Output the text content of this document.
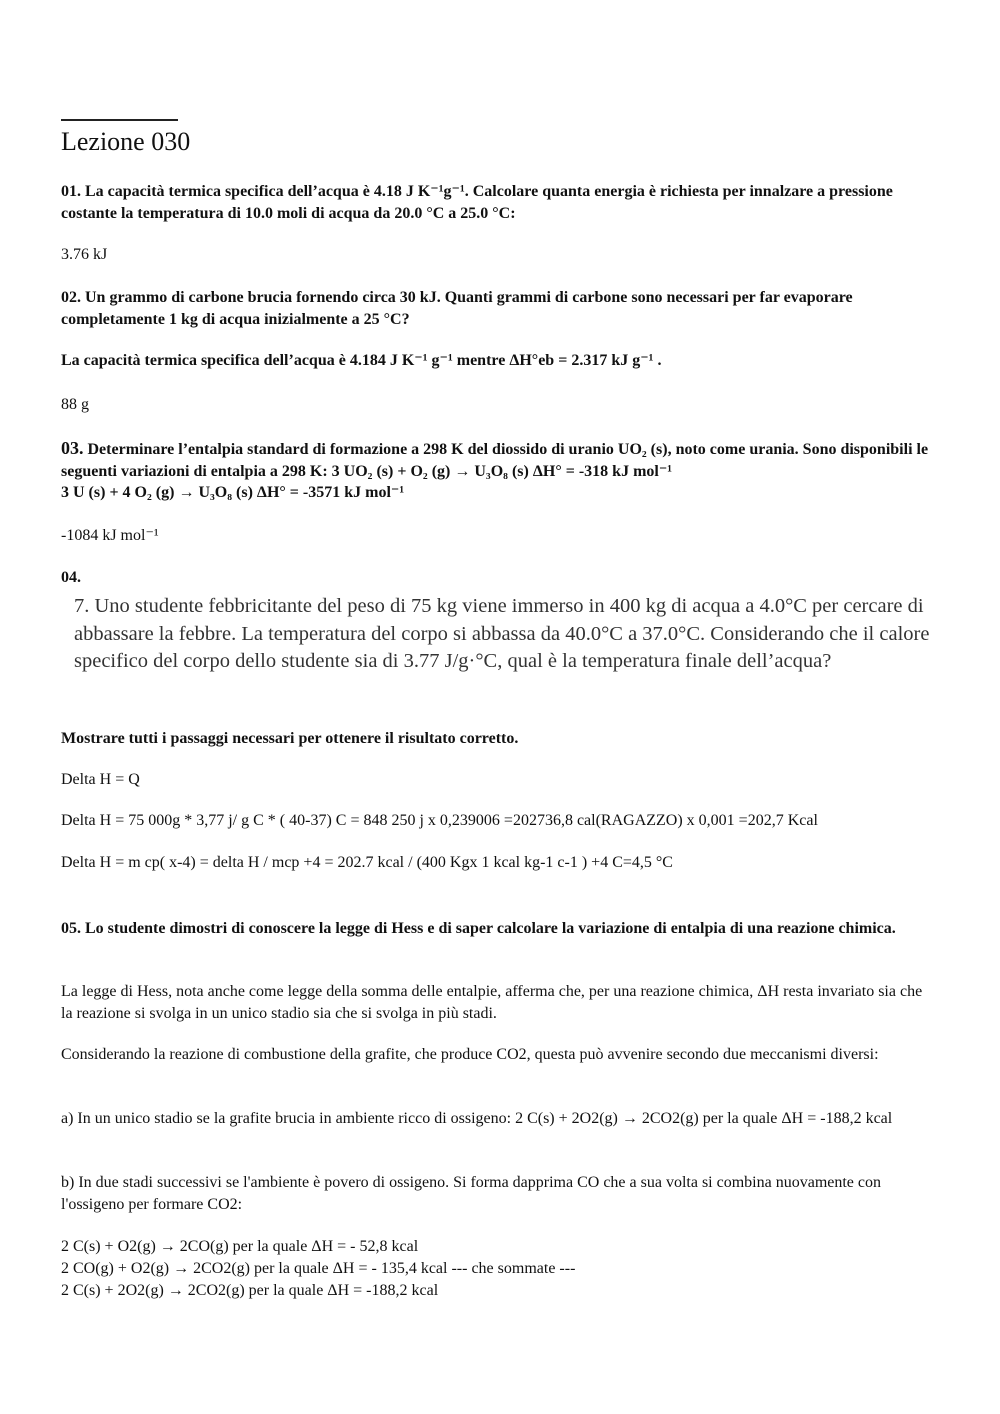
Lezione 030

01. La capacità termica specifica dell’acqua è 4.18 J K⁻¹g⁻¹. Calcolare quanta energia è richiesta per innalzare a pressione costante la temperatura di 10.0 moli di acqua da 20.0 °C a 25.0 °C:

3.76 kJ

02. Un grammo di carbone brucia fornendo circa 30 kJ. Quanti grammi di carbone sono necessari per far evaporare completamente 1 kg di acqua inizialmente a 25 °C?

La capacità termica specifica dell’acqua è 4.184 J K⁻¹ g⁻¹ mentre ΔH°eb = 2.317 kJ g⁻¹ .

88 g

03. Determinare l’entalpia standard di formazione a 298 K del diossido di uranio UO₂ (s), noto come urania. Sono disponibili le seguenti variazioni di entalpia a 298 K: 3 UO₂ (s) + O₂ (g) → U₃O₈ (s) ΔH° = -318 kJ mol⁻¹

3 U (s) + 4 O₂ (g) → U₃O₈ (s) ΔH° = -3571 kJ mol⁻¹

-1084 kJ mol⁻¹

04.

7. Uno studente febbricitante del peso di 75 kg viene immerso in 400 kg di acqua a 4.0°C per cercare di abbassare la febbre. La temperatura del corpo si abbassa da 40.0°C a 37.0°C. Considerando che il calore specifico del corpo dello studente sia di 3.77 J/g·°C, qual è la temperatura finale dell’acqua?

Mostrare tutti i passaggi necessari per ottenere il risultato corretto.

Delta H = Q

Delta H = 75 000g * 3,77 j/ g C * ( 40-37) C = 848 250 j x 0,239006 =202736,8 cal(RAGAZZO) x 0,001 =202,7 Kcal

Delta H = m cp( x-4) = delta H / mcp +4 = 202.7 kcal / (400 Kgx 1 kcal kg-1 c-1 ) +4 C=4,5 °C

05. Lo studente dimostri di conoscere la legge di Hess e di saper calcolare la variazione di entalpia di una reazione chimica.

La legge di Hess, nota anche come legge della somma delle entalpie, afferma che, per una reazione chimica, ΔH resta invariato sia che la reazione si svolga in un unico stadio sia che si svolga in più stadi.

Considerando la reazione di combustione della grafite, che produce CO2, questa può avvenire secondo due meccanismi diversi:

a) In un unico stadio se la grafite brucia in ambiente ricco di ossigeno: 2 C(s) + 2O2(g) → 2CO2(g) per la quale ΔH = -188,2 kcal

b) In due stadi successivi se l'ambiente è povero di ossigeno. Si forma dapprima CO che a sua volta si combina nuovamente con l'ossigeno per formare CO2:

2 C(s) + O2(g) → 2CO(g) per la quale ΔH = - 52,8 kcal
2 CO(g) + O2(g) → 2CO2(g) per la quale ΔH = - 135,4 kcal --- che sommate ---
2 C(s) + 2O2(g) → 2CO2(g) per la quale ΔH = -188,2 kcal
